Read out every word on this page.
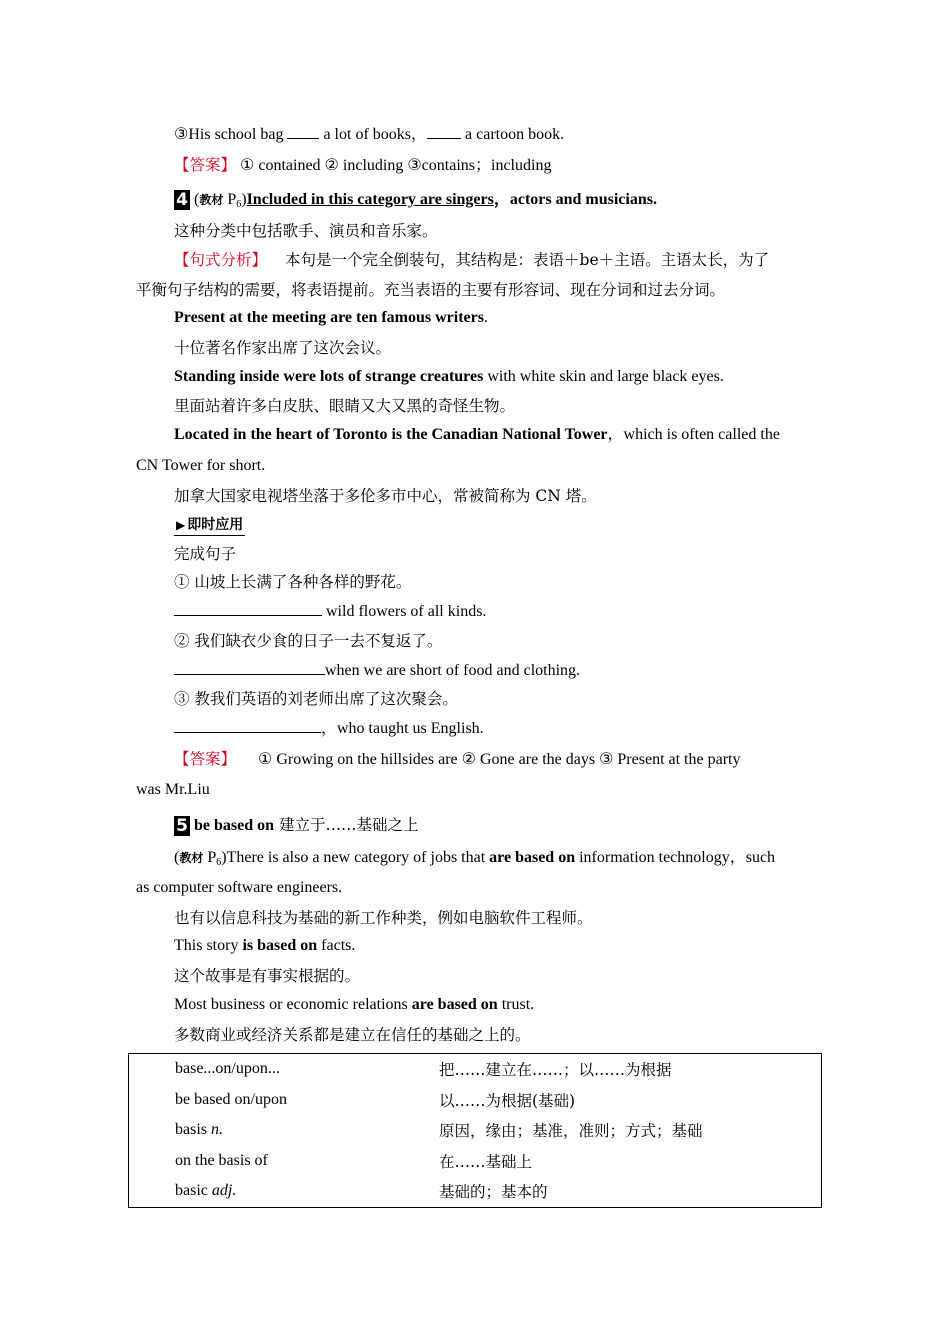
③His school bag  a lot of books， a cartoon book.
【答案】 ① contained ② including ③contains；including
4 (教材 $P_6)Included$ in this category are singers，actors and musicians.
这种分类中包括歌手、演员和音乐家。
【句式分析】 本句是一个完全倒装句，其结构是：表语＋be＋主语。主语太长，为了
平衡句子结构的需要，将表语提前。充当表语的主要有形容词、现在分词和过去分词。
Present at the meeting are ten famous writers.
十位著名作家出席了这次会议。
Standing inside were lots of strange creatures with white skin and large black eyes.
里面站着许多白皮肤、眼睛又大又黑的奇怪生物。
Located in the heart of Toronto is the Canadian National Tower，which is often called the
CN Tower for short.
加拿大国家电视塔坐落于多伦多市中心，常被简称为 CN 塔。
▶ 即时应用
完成句子
① 山坡上长满了各种各样的野花。
wild flowers of all kinds.
② 我们缺衣少食的日子一去不复返了。
when we are short of food and clothing.
③ 教我们英语的刘老师出席了这次聚会。
，who taught us English.
【答案】 ① Growing on the hillsides are ② Gone are the days ③ Present at the party
was Mr.Liu
5 be based on 建立于……基础之上
(教材 $P_6)There$ is also a new category of jobs that are based on information technology，such
as computer software engineers.
也有以信息科技为基础的新工作种类，例如电脑软件工程师。
This story is based on facts.
这个故事是有事实根据的。
Most business or economic relations are based on trust.
多数商业或经济关系都是建立在信任的基础之上的。
base...on/upon...	把……建立在……；以……为根据
be based on/upon	以……为根据(基础)
basis n.	原因，缘由；基准，准则；方式；基础
on the basis of	在……基础上
basic adj.	基础的；基本的
